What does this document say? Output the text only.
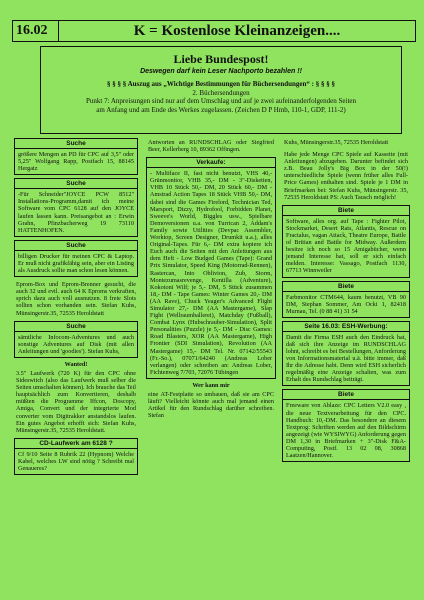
16.02	K = Kostenlose Kleinanzeigen....
Liebe Bundespost!
Deswegen darf kein Leser Nachporto bezahlen !!

§ § § § Auszug aus „Wichtige Bestimmungen für Büchersendungen“ : § § § §

2. Büchersendungen

Punkt 7: Anpreisungen sind nur auf dem Umschlag und auf je zwei aufeinanderfolgenden Seiten

am Anfang und am Ende des Werkes zugelassen. (Zeichen D P Hmb, 110-1, GDP, 111-2)

Suche
größere Mengen an PD für CPC auf 3,5" oder 5,25" Wolfgang Rapp, Postfach 15, 88145 Hergatz
Suche
-Für Schneider"JOYCE PCW 8512" Installations-Programm,damit ich meine Software vom CPC 6128 auf den JOYCE laufen lassen kann. Preisangebot an : Erwin Grahn, Pfinzbacherweg 19 73110 HATTENHOFEN.
Suche
billigen Drucker für meinen CPC & Laptop. Er muß nicht grafikfähig sein, aber ein Listing als Ausdruck sollte man schon lesen können.
Eprom-Box und Eprom-Brenner gesucht, die auch 32 und evtl. auch 64 K Eproms verkraften, sprich dazu auch voll ausnutzen. 8 freie Slots sollten schon vorhanden sein. Stefan Kuhs, Münsingerstr.35, 72535 Heroldstatt
Suche
sämtliche Infocom-Adventures und auch sonstige Adventures auf Disk (mit allen Anleitungen und 'goodies'). Stefan Kuhs,
Wanted!
3.5" Laufwerk (720 K) für den CPC ohne Sideswitch (also das Laufwerk muß selber die Seiten umschalten können). Ich brauche das Teil hauptsächlich zum Konvertieren, deshalb müßten die Programme Iffcon, Doscopy, Amiga, Convert und der integrierte Mod converter vom Digitrakker anstandslos laufen. Ein gutes Angebot erhofft sich: Stefan Kuhs, Münsingerstr.35, 72535 Heroldstatt.
CD-Laufwerk am 6128 ?
Cf 9/10 Seite 8 Rubrik 22 (Hypnom) Welche Kabel, welches LW sind nötig ? Schreibt mal Genaueres?
Antworten an RUNDSCHLAG oder Siegfried Beer, Kellerberg 10, 89362 Offingen.
Verkaufe:
- Multiface II, fast nicht benutzt, VHS 40,- Grünmonitor, VHB 35,- DM - 3"-Disketten, VHB 10 Stück 50,- DM, 20 Stück 60,- DM - Amstrad Action Tapes 18 Stück VHB 50,- DM, dabei sind die Games Firelord, Technician Ted, Marsport, Dizzy, Hydrofool, Forbidden Planet, Sweeve's World, Biggles usw., Spielbare Demoversionen u.a. von Turrican 2, Addam's Family sowie Utilities (Devpac Assembler, Worktop, Screen Designer, Drumkit u.a.), alles Original-Tapes. Für 6,- DM extra kopiere ich Euch auch die Seiten mit den Anleitungen aus dem Heft - Low Budged Games (Tape): Grand Prix Simulator, Speed King (Motorrad-Rennen), Rastercan, Into Oblivion, Zub, Storm, Montezumasrevenge, Kentilla (Adventure), Kokotoni Wilf; je 5,- DM, 5 Stück zusammen 18,- DM - Tape Games: Winter Games 20,- DM (AA Rave), Chuck Yeager's Advanced Flight Simulator 27,- DM (AA Mastergame), Slap Fight (Wellraumballerei), Matchday (Fußball), Combat Lynx (Hubschrauber-Simulation), Split Personalities (Puzzle) je 5,- DM - Disc Games: Road Blasters, XOR (AA Mastergame), High Frontier (SDI Simulation), Revolution (AA Mastergame) 15,- DM Tel. Nr. 07142/55543 (Fr.-So.), 07071/64240 (Andreas Lober verlangen) oder schreiben an: Andreas Lober, Fichtenweg 7/703, 72076 Tübingen
Wer kann mir
eine AT-Festplatte so umbauen, daß sie am CPC läuft? Vielleicht könnte auch mal jemand einen Artikel für den Rundschlag darüber schreiben. Stefan
Kuhs, Münsingerstr.35, 72535 Heroldstatt
Habe jede Menge CPC Spiele auf Kassette (mit Anleitungen) abzugeben. Darunter befindet sich z.B. Beau Jolly's Big Box in der 50(!) unterschiedliche Spiele (wenn früher alles Full-Price Games) enthalten sind. Spiele je 1 DM in Briefmarken bei: Stefan Kuhs, Münsingerstr. 35, 72535 Heroldstatt PS: Auch Tausch möglich!
Biete
Software, alles org. auf Tape : Fighter Pilot, Stockmarket, Desert Rats, Atlantis, Rescue on Fractalus, vagan Attack, Theatre Europe, Battle of Britian and Battle for Midway. Außerdem besitze ich noch so 15 Amigabücher, wenn jemand Interesse hat, soll er sich einfach melden. Interesse: Vassago, Postfach 1130, 67713 Winnweiler
Biete
Farbmonitor CTM644, kaum benutzt, VB 90 DM, Stephan Sommer, Am Ocki 1, 82418 Murnau, Tel. (0 88 41) 31 54
Seite 16.03: ESH-Werbung:
Damit die Firma ESH auch den Eindruck hat, daß sich ihre Anzeige im RUNDSCHLAG lohnt, schreibt es bei Bestellungen, Anforderung von Informationsmaterial u.ä. bitte immer, daß Ihr die Adresse habt. Denn wird ESH sicherlich regelmäßig eine Anzeige schalten, was zum Erhalt des Rundschlag beiträgt.
Biete
Freeware von Ablaze: CPC Letters V2.0 easy , die neue Textverarbeitung für den CPC. Handbuch: 10,-DM. Das besondere an diesem Textprog: Schriften werden auf den Bildschirm angezeigt (wie WYSIWYG) Anforderung gegen DM 1,30 in Briefmarken + 3"-Disk F&A-Computing, Postf. 13 02 08, 30868 Laatzen/Hannover.
